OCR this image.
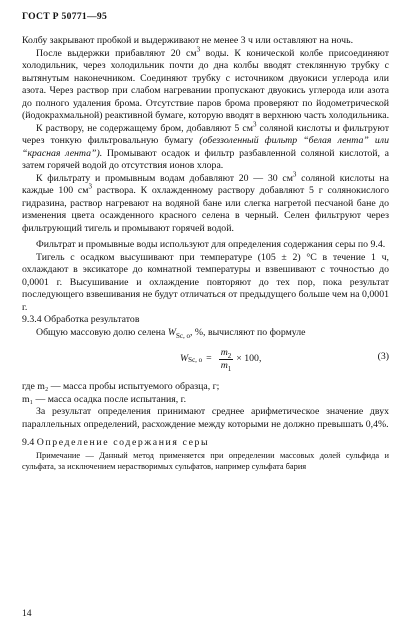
ГОСТ Р 50771—95

Колбу закрывают пробкой и выдерживают не менее 3 ч или оставляют на ночь.

После выдержки прибавляют 20 $см^3$ воды. К конической колбе присоединяют холодильник, через холодильник почти до дна колбы вводят стеклянную трубку с вытянутым наконечником. Соединяют трубку с источником двуокиси углерода или азота. Через раствор при слабом нагревании пропускают двуокись углерода или азота до полного удаления брома. Отсутствие паров брома проверяют по йодометрической (йодокрахмальной) реактивной бумаге, которую вводят в верхнюю часть холодильника.

К раствору, не содержащему бром, добавляют 5 $см^3$ соляной кислоты и фильтруют через тонкую фильтровальную бумагу (обеззоленный фильтр “белая лента” или “красная лента”). Промывают осадок и фильтр разбавленной соляной кислотой, а затем горячей водой до отсутствия ионов хлора.

К фильтрату и промывным водам добавляют 20 — 30 $см^3$ соляной кислоты на каждые 100 $см^3$ раствора. К охлажденному раствору добавляют 5 г солянокислого гидразина, раствор нагревают на водяной бане или слегка нагретой песчаной бане до изменения цвета осажденного красного селена в черный. Селен фильтруют через фильтрующий тигель и промывают горячей водой.

Фильтрат и промывные воды используют для определения содержания серы по 9.4.

Тигель с осадком высушивают при температуре (105 ± 2) °C в течение 1 ч, охлаждают в эксикаторе до комнатной температуры и взвешивают с точностью до 0,0001 г. Высушивание и охлаждение повторяют до тех пор, пока результат последующего взвешивания не будут отличаться от предыдущего больше чем на 0,0001 г.

9.3.4 Обработка результатов

Общую массовую долю селена $W_{Sc, о}$, %, вычисляют по формуле

W Sc, $о = \frac{m_2}{m_1} \times 100$,	(3)

где m₂ — масса пробы испытуемого образца, г;

m₁ — масса осадка после испытания, г.

За результат определения принимают среднее арифметическое значение двух параллельных определений, расхождение между которыми не должно превышать 0,4%.

9.4 Определение содержания серы

Примечание — Данный метод применяется при определении массовых долей сульфида и сульфата, за исключением нерастворимых сульфатов, например сульфата бария

14
